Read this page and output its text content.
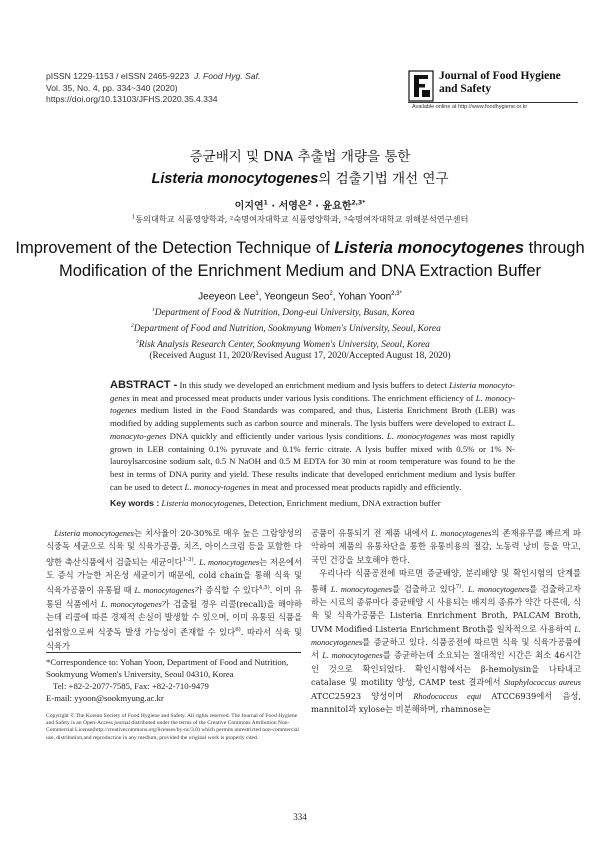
pISSN 1229-1153 / eISSN 2465-9223 J. Food Hyg. Saf.
Vol. 35, No. 4, pp. 334~340 (2020)
https://doi.org/10.13103/JFHS.2020.35.4.334
Journal of Food Hygiene
and Safety
Available online at http://www.foodhygiene.or.kr
증균배지 및 DNA 추출법 개량을 통한
Listeria monocytogenes의 검출기법 개선 연구
이지연$^1$ · 서영은$^2$ · 윤요한$^{2,3*}$
$^1$동의대학교 식품영양학과, ²숙명여자대학교 식품영양학과, ³숙명여자대학교 위해분석연구센터
Improvement of the Detection Technique of Listeria monocytogenes through
Modification of the Enrichment Medium and DNA Extraction Buffer
Jeeyeon Lee$^1$, Yeongeun Seo$^2$, Yohan Yoon$^{2,3*}$
$^1$Department of Food & Nutrition, Dong-eui University, Busan, Korea
$^2$Department of Food and Nutrition, Sookmyung Women's University, Seoul, Korea
$^3$Risk Analysis Research Center, Sookmyung Women's University, Seoul, Korea
(Received August 11, 2020/Revised August 17, 2020/Accepted August 18, 2020)
ABSTRACT - In this study we developed an enrichment medium and lysis buffers to detect Listeria monocyto-genes in meat and processed meat products under various lysis conditions. The enrichment efficiency of L. monocy-togenes medium listed in the Food Standards was compared, and thus, Listeria Enrichment Broth (LEB) was modified by adding supplements such as carbon source and minerals. The lysis buffers were developed to extract L. monocyto-genes DNA quickly and efficiently under various lysis conditions. L. monocytogenes was most rapidly grown in LEB containing 0.1% pyruvate and 0.1% ferric citrate. A lysis buffer mixed with 0.5% or 1% N-lauroylsarcosine sodium salt, 0.5 N NaOH and 0.5 M EDTA for 30 min at room temperature was found to be the best in terms of DNA purity and yield. These results indicate that developed enrichment medium and lysis buffer can be used to detect L. monocy-togenes in meat and processed meat products rapidly and efficiently.
Key words : Listeria monocytogenes, Detection, Enrichment medium, DNA extraction buffer

Listeria monocytogenes는 치사율이 20-30%로 매우 높은 그람양성의 식중독 세균으로 식육 및 식육가공품, 치즈, 아이스크림 등을 포함한 다양한 축산식품에서 검출되는 세균이다$^{1-3)}$. L. monocytogenes는 저온에서도 증식 가능한 저온성 세균이기 때문에, cold chain을 통해 식육 및 식육가공품이 유통될 때 L. monocytogenes가 증식할 수 있다$^{4,5)}$. 이미 유통된 식품에서 L. monocytogenes가 검출될 경우 리콜(recall)을 해야하는데 리콜에 따른 경제적 손실이 발생할 수 있으며, 이미 유통된 식품을 섭취함으로써 식중독 발생 가능성이 존재할 수 있다$^{6)}$. 따라서 식육 및 식육가

*Correspondence to: Yohan Yoon, Department of Food and Nutrition, Sookmyung Women's University, Seoul 04310, Korea
Tel: +82-2-2077-7585, Fax: +82-2-710-9479
E-mail: yyoon@sookmyung.ac.kr
Copyright © The Korean Society of Food Hygiene and Safety. All rights reserved. The Journal of Food Hygiene and Safety is an Open-Access journal distributed under the terms of the Creative Commons Attribution Non-Commercial License(http://creativecommons.org/licenses/by-nc/3.0) which permits unrestricted non-commercial use, distribution,and reproduction in any medium, provided the original work is properly cited.

공품이 유통되기 전 제품 내에서 L. monocytogenes의 존재유무를 빠르게 파악하여 제품의 유통차단을 통한 유통비용의 절감, 노동력 낭비 등을 막고, 국민 건강을 보호해야 한다.

우리나라 식품공전에 따르면 증균배양, 분리배양 및 확인시험의 단계를 통해 L. monocytogenes를 검출하고 있다$^{7)}$. L. monocytogenes를 검출하고자 하는 시료의 종류마다 증균배양 시 사용되는 배지의 종류가 약간 다른데, 식육 및 식육가공품은 Listeria Enrichment Broth, PALCAM Broth, UVM Modified Listeria Enrichment Broth를 일차적으로 사용하여 L. monocytogenes를 증균하고 있다. 식품공전에 따르면 식육 및 식육가공품에서 L. monocytogenes를 증균하는데 소요되는 절대적인 시간은 최소 46시간인 것으로 확인되었다. 확인시험에서는 β-hemolysin을 나타내고 catalase 및 motility 양성, CAMP test 결과에서 Staphylococcus aureus ATCC25923 양성이며 Rhodococcus equi ATCC6939에서 음성, mannitol과 xylose는 비분해하며, rhamnose는

334
